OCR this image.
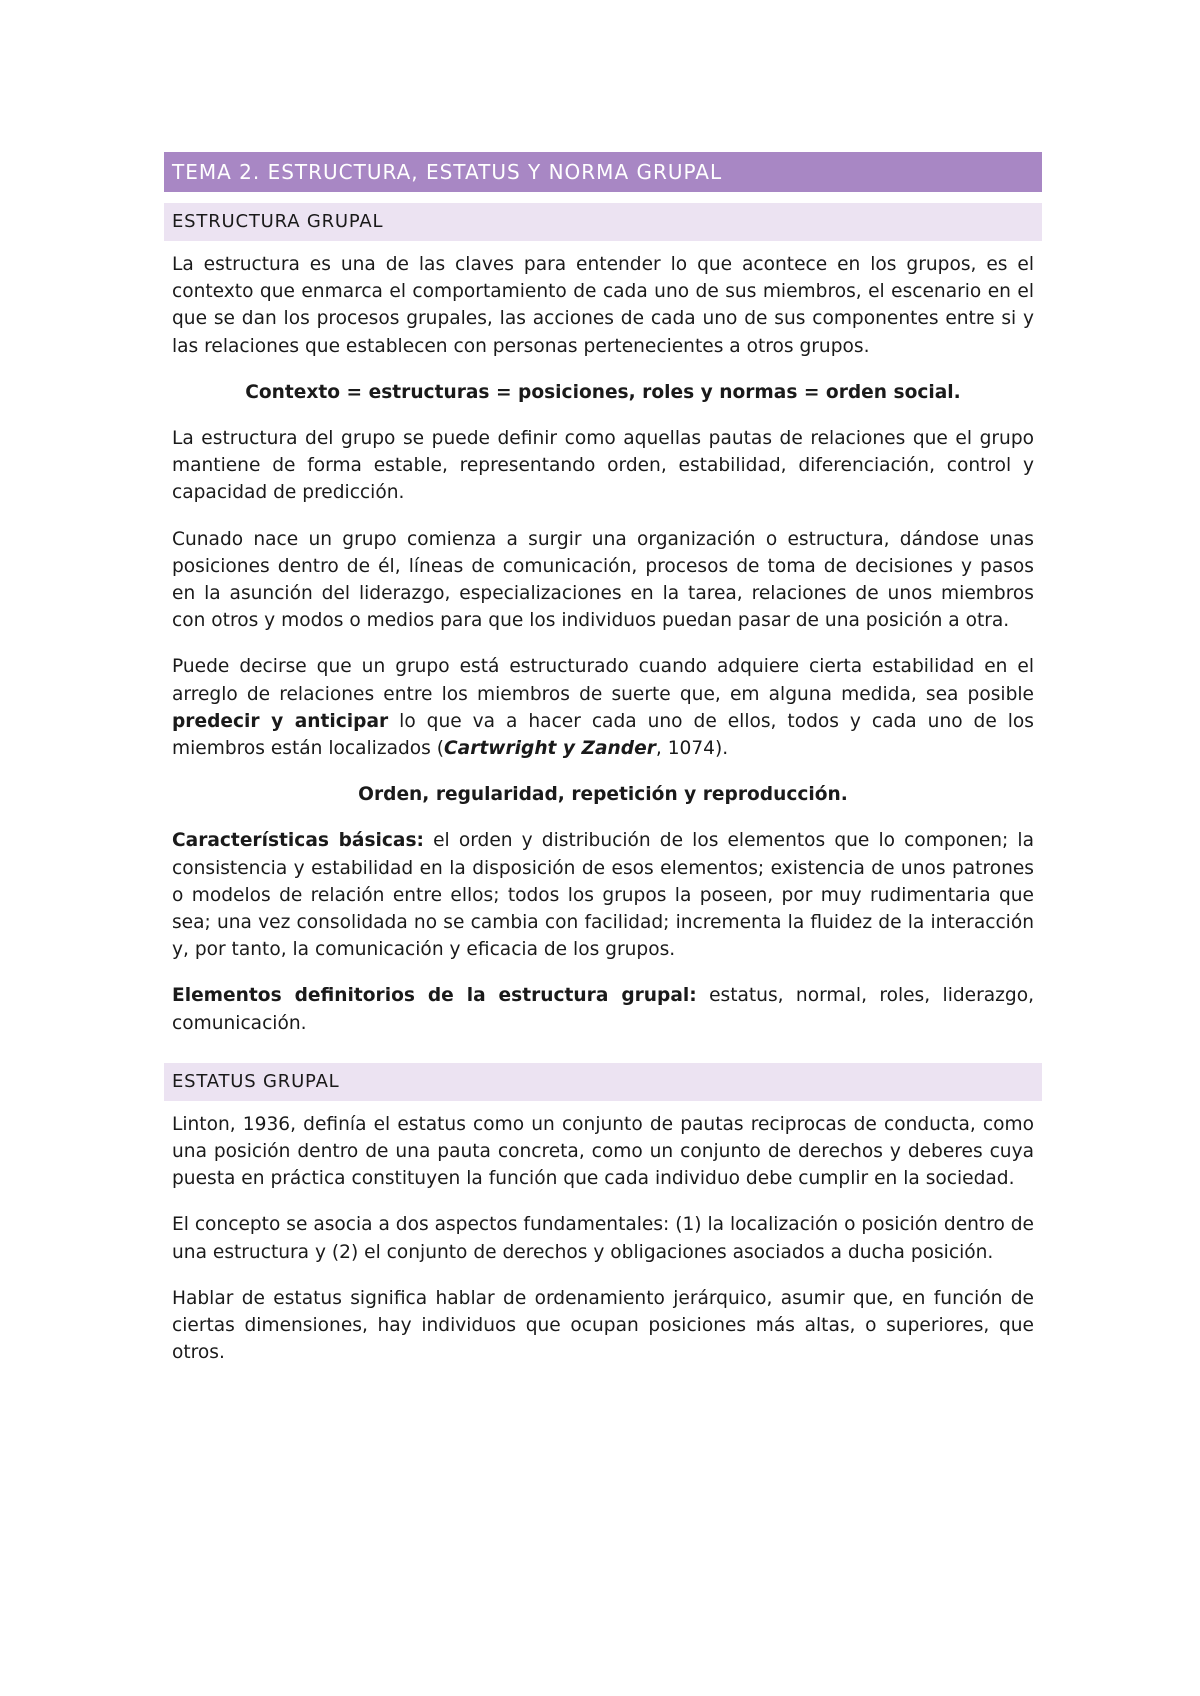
TEMA 2. ESTRUCTURA, ESTATUS Y NORMA GRUPAL
ESTRUCTURA GRUPAL

La estructura es una de las claves para entender lo que acontece en los grupos, es el contexto que enmarca el comportamiento de cada uno de sus miembros, el escenario en el que se dan los procesos grupales, las acciones de cada uno de sus componentes entre si y las relaciones que establecen con personas pertenecientes a otros grupos.

Contexto = estructuras = posiciones, roles y normas = orden social.

La estructura del grupo se puede definir como aquellas pautas de relaciones que el grupo mantiene de forma estable, representando orden, estabilidad, diferenciación, control y capacidad de predicción.

Cunado nace un grupo comienza a surgir una organización o estructura, dándose unas posiciones dentro de él, líneas de comunicación, procesos de toma de decisiones y pasos en la asunción del liderazgo, especializaciones en la tarea, relaciones de unos miembros con otros y modos o medios para que los individuos puedan pasar de una posición a otra.

Puede decirse que un grupo está estructurado cuando adquiere cierta estabilidad en el arreglo de relaciones entre los miembros de suerte que, em alguna medida, sea posible predecir y anticipar lo que va a hacer cada uno de ellos, todos y cada uno de los miembros están localizados (Cartwright y Zander, 1074).

Orden, regularidad, repetición y reproducción.

Características básicas: el orden y distribución de los elementos que lo componen; la consistencia y estabilidad en la disposición de esos elementos; existencia de unos patrones o modelos de relación entre ellos; todos los grupos la poseen, por muy rudimentaria que sea; una vez consolidada no se cambia con facilidad; incrementa la fluidez de la interacción y, por tanto, la comunicación y eficacia de los grupos.

Elementos definitorios de la estructura grupal: estatus, normal, roles, liderazgo, comunicación.

ESTATUS GRUPAL

Linton, 1936, definía el estatus como un conjunto de pautas reciprocas de conducta, como una posición dentro de una pauta concreta, como un conjunto de derechos y deberes cuya puesta en práctica constituyen la función que cada individuo debe cumplir en la sociedad.

El concepto se asocia a dos aspectos fundamentales: (1) la localización o posición dentro de una estructura y (2) el conjunto de derechos y obligaciones asociados a ducha posición.

Hablar de estatus significa hablar de ordenamiento jerárquico, asumir que, en función de ciertas dimensiones, hay individuos que ocupan posiciones más altas, o superiores, que otros.
